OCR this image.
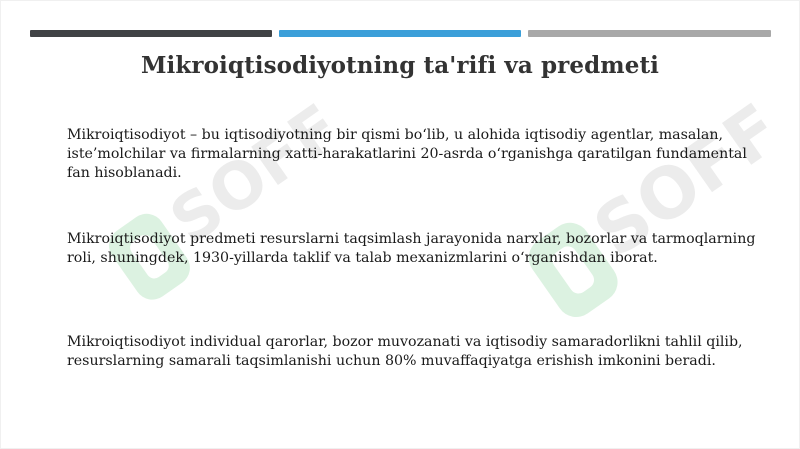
SOFF	SOFF
Mikroiqtisodiyotning ta'rifi va predmeti
Mikroiqtisodiyot – bu iqtisodiyotning bir qismi bo‘lib, u alohida iqtisodiy agentlar, masalan, iste’molchilar va firmalarning xatti-harakatlarini 20-asrda o‘rganishga qaratilgan fundamental fan hisoblanadi.
Mikroiqtisodiyot predmeti resurslarni taqsimlash jarayonida narxlar, bozorlar va tarmoqlarning roli, shuningdek, 1930-yillarda taklif va talab mexanizmlarini o‘rganishdan iborat.
Mikroiqtisodiyot individual qarorlar, bozor muvozanati va iqtisodiy samaradorlikni tahlil qilib, resurslarning samarali taqsimlanishi uchun 80% muvaffaqiyatga erishish imkonini beradi.
